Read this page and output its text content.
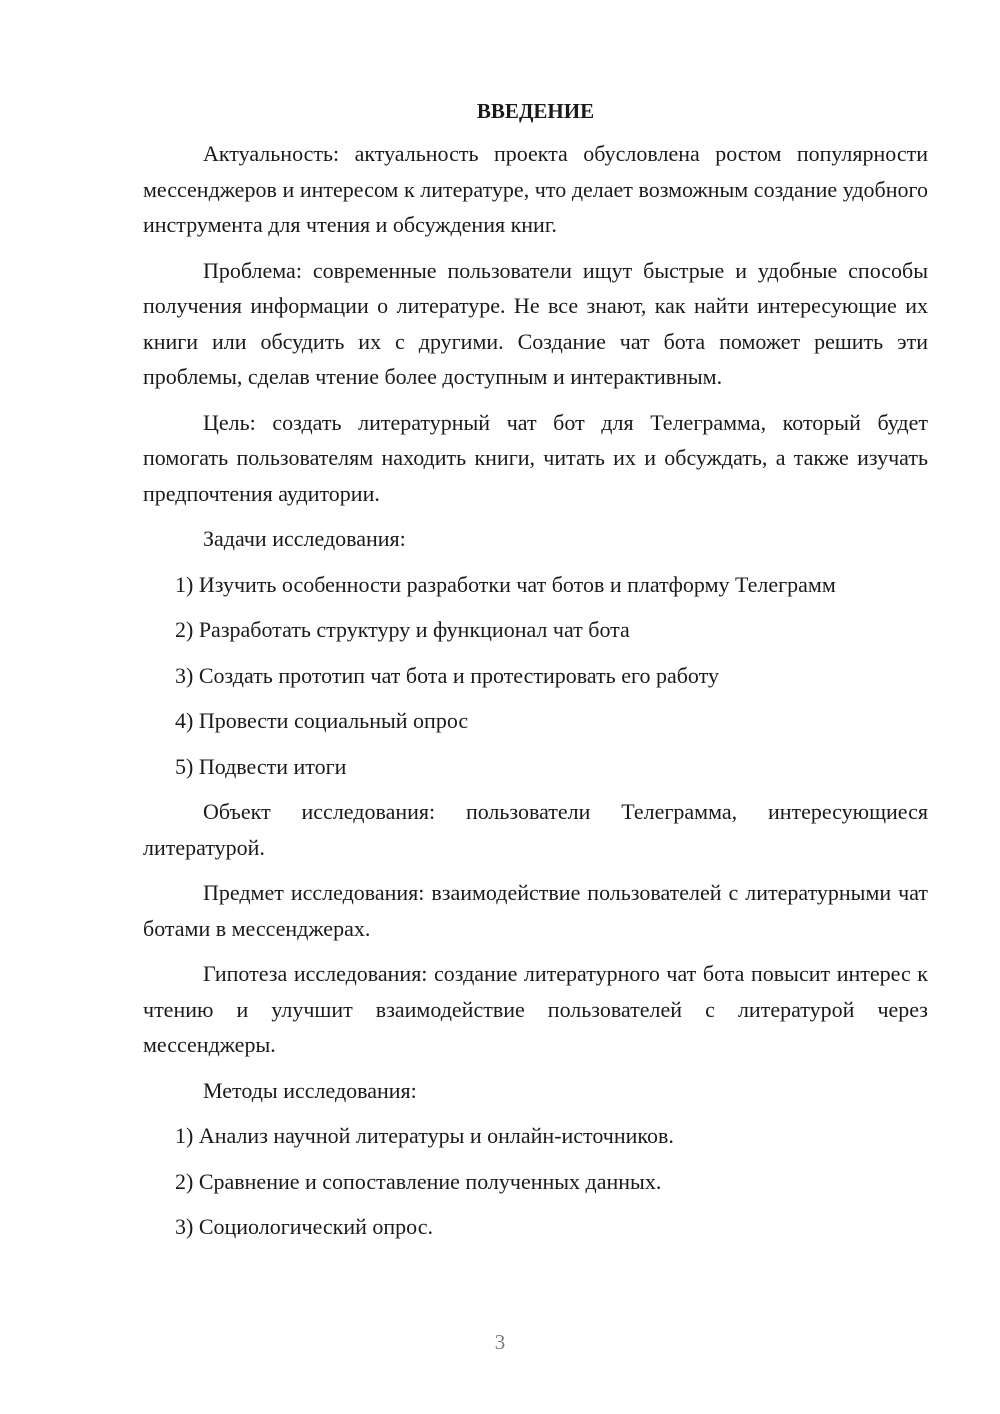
ВВЕДЕНИЕ

Актуальность: актуальность проекта обусловлена ростом популярности мессенджеров и интересом к литературе, что делает возможным создание удобного инструмента для чтения и обсуждения книг.

Проблема: современные пользователи ищут быстрые и удобные способы получения информации о литературе. Не все знают, как найти интересующие их книги или обсудить их с другими. Создание чат бота поможет решить эти проблемы, сделав чтение более доступным и интерактивным.

Цель: создать литературный чат бот для Телеграмма, который будет помогать пользователям находить книги, читать их и обсуждать, а также изучать предпочтения аудитории.

Задачи исследования:
1) Изучить особенности разработки чат ботов и платформу Телеграмм
2) Разработать структуру и функционал чат бота
3) Создать прототип чат бота и протестировать его работу
4) Провести социальный опрос
5) Подвести итоги

Объект исследования: пользователи Телеграмма, интересующиеся литературой.

Предмет исследования: взаимодействие пользователей с литературными чат ботами в мессенджерах.

Гипотеза исследования: создание литературного чат бота повысит интерес к чтению и улучшит взаимодействие пользователей с литературой через мессенджеры.

Методы исследования:
1) Анализ научной литературы и онлайн-источников.
2) Сравнение и сопоставление полученных данных.
3) Социологический опрос.
3
